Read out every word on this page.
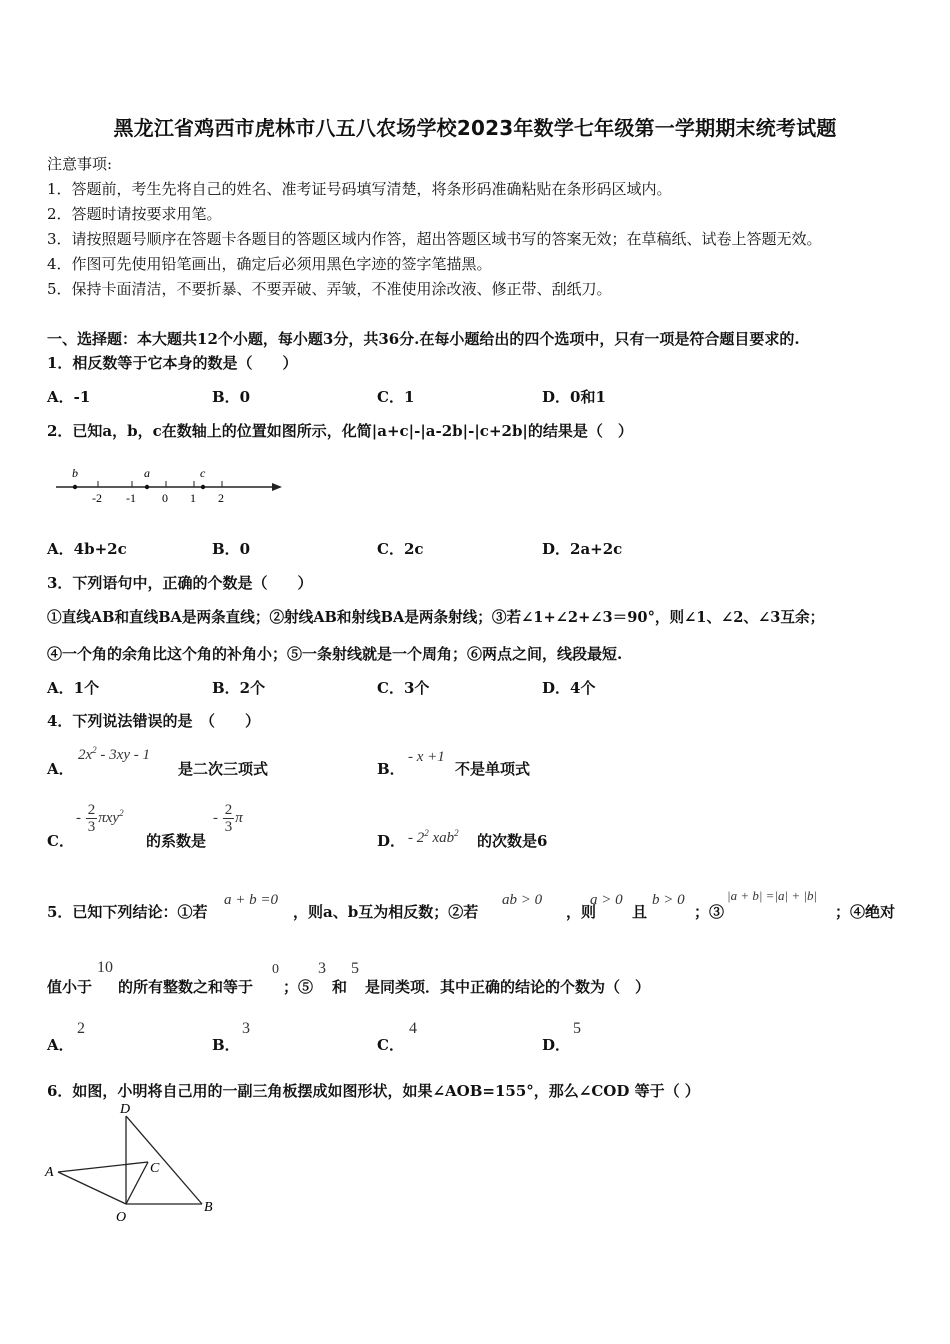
黑龙江省鸡西市虎林市八五八农场学校2023年数学七年级第一学期期末统考试题
注意事项:
1．答题前，考生先将自己的姓名、准考证号码填写清楚，将条形码准确粘贴在条形码区域内。
2．答题时请按要求用笔。
3．请按照题号顺序在答题卡各题目的答题区域内作答，超出答题区域书写的答案无效；在草稿纸、试卷上答题无效。
4．作图可先使用铅笔画出，确定后必须用黑色字迹的签字笔描黑。
5．保持卡面清洁，不要折暴、不要弄破、弄皱，不准使用涂改液、修正带、刮纸刀。
一、选择题：本大题共12个小题，每小题3分，共36分.在每小题给出的四个选项中，只有一项是符合题目要求的.
1．相反数等于它本身的数是（　　）
A．-1	B．0	C．1	D．0和1
2．已知a，b，c在数轴上的位置如图所示，化简|a+c|-|a-2b|-|c+2b|的结果是（　）
b	a	c
-2 -1 0 1 2
A．4b+2c	B．0	C．2c	D．2a+2c
3．下列语句中，正确的个数是（　　）
①直线AB和直线BA是两条直线；②射线AB和射线BA是两条射线；③若∠1+∠2+∠3＝90°，则∠1、∠2、∠3互余；
④一个角的余角比这个角的补角小；⑤一条射线就是一个周角；⑥两点之间，线段最短.
A．1个	B．2个	C．3个	D．4个
4．下列说法错误的是　（　　）
A．
$2x^2 - 3xy - 1$
是二次三项式	B．
- x +1
不是单项式
C．
- $\frac{2}{3} \pi xy^2$
的系数是
- $\frac{2}{3}$ π
D． - $2^2$ xab$^2$ 的次数是6
5．已知下列结论：①若
a + b =0
，则a、b互为相反数；②若
ab > 0
，则
a > 0
且
b > 0
；③
|a + b| =|a| + |b|
；④绝对
值小于
10
的所有整数之和等于
0
；⑤
3
和
5
是同类项．其中正确的结论的个数为（　）
A．
2
B．
3
C．
4
D．
5
6．如图，小明将自己用的一副三角板摆成如图形状，如果∠AOB=155°，那么∠COD 等于（ ）
D
A	C
O
B
